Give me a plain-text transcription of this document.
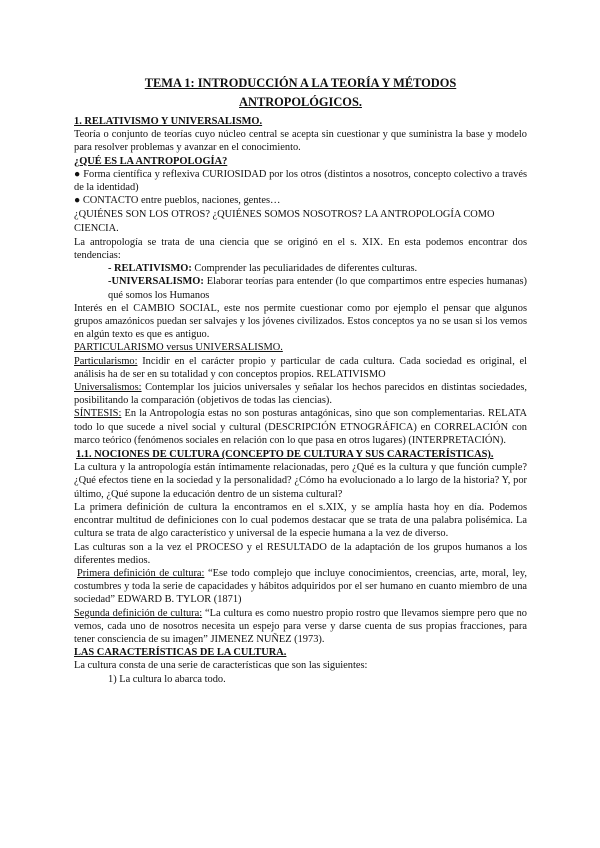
TEMA 1: INTRODUCCIÓN A LA TEORÍA Y MÉTODOS
ANTROPOLÓGICOS.

1. RELATIVISMO Y UNIVERSALISMO.

Teoría o conjunto de teorías cuyo núcleo central se acepta sin cuestionar y que suministra la base y modelo para resolver problemas y avanzar en el conocimiento.

¿QUÉ ES LA ANTROPOLOGÍA?

● Forma científica y reflexiva CURIOSIDAD por los otros (distintos a nosotros, concepto colectivo a través de la identidad)

● CONTACTO entre pueblos, naciones, gentes…

¿QUIÉNES SON LOS OTROS? ¿QUIÉNES SOMOS NOSOTROS? LA ANTROPOLOGÍA COMO CIENCIA.

La antropología se trata de una ciencia que se originó en el s. XIX. En esta podemos encontrar dos tendencias:

- RELATIVISMO: Comprender las peculiaridades de diferentes culturas.

-UNIVERSALISMO: Elaborar teorías para entender (lo que compartimos entre especies humanas) qué somos los Humanos

Interés en el CAMBIO SOCIAL, este nos permite cuestionar como por ejemplo el pensar que algunos grupos amazónicos puedan ser salvajes y los jóvenes civilizados. Estos conceptos ya no se usan si los vemos en algún texto es que es antiguo.

PARTICULARISMO versus UNIVERSALISMO.

Particularismo: Incidir en el carácter propio y particular de cada cultura. Cada sociedad es original, el análisis ha de ser en su totalidad y con conceptos propios. RELATIVISMO

Universalismos: Contemplar los juicios universales y señalar los hechos parecidos en distintas sociedades, posibilitando la comparación (objetivos de todas las ciencias).

SÍNTESIS: En la Antropología estas no son posturas antagónicas, sino que son complementarias. RELATA todo lo que sucede a nivel social y cultural (DESCRIPCIÓN ETNOGRÁFICA) en CORRELACIÓN con marco teórico (fenómenos sociales en relación con lo que pasa en otros lugares) (INTERPRETACIÓN).

1.1. NOCIONES DE CULTURA (CONCEPTO DE CULTURA Y SUS CARACTERÍSTICAS).

La cultura y la antropología están íntimamente relacionadas, pero ¿Qué es la cultura y que función cumple? ¿Qué efectos tiene en la sociedad y la personalidad? ¿Cómo ha evolucionado a lo largo de la historia? Y, por último, ¿Qué supone la educación dentro de un sistema cultural?

La primera definición de cultura la encontramos en el s.XIX, y se amplía hasta hoy en día. Podemos encontrar multitud de definiciones con lo cual podemos destacar que se trata de una palabra polisémica. La cultura se trata de algo característico y universal de la especie humana a la vez de diverso.

Las culturas son a la vez el PROCESO y el RESULTADO de la adaptación de los grupos humanos a los diferentes medios.

Primera definición de cultura: “Ese todo complejo que incluye conocimientos, creencias, arte, moral, ley, costumbres y toda la serie de capacidades y hábitos adquiridos por el ser humano en cuanto miembro de una sociedad” EDWARD B. TYLOR (1871)

Segunda definición de cultura: “La cultura es como nuestro propio rostro que llevamos siempre pero que no vemos, cada uno de nosotros necesita un espejo para verse y darse cuenta de sus propias fracciones, para tener consciencia de su imagen” JIMENEZ NUÑEZ (1973).

LAS CARACTERÍSTICAS DE LA CULTURA.

La cultura consta de una serie de características que son las siguientes:

1) La cultura lo abarca todo.
